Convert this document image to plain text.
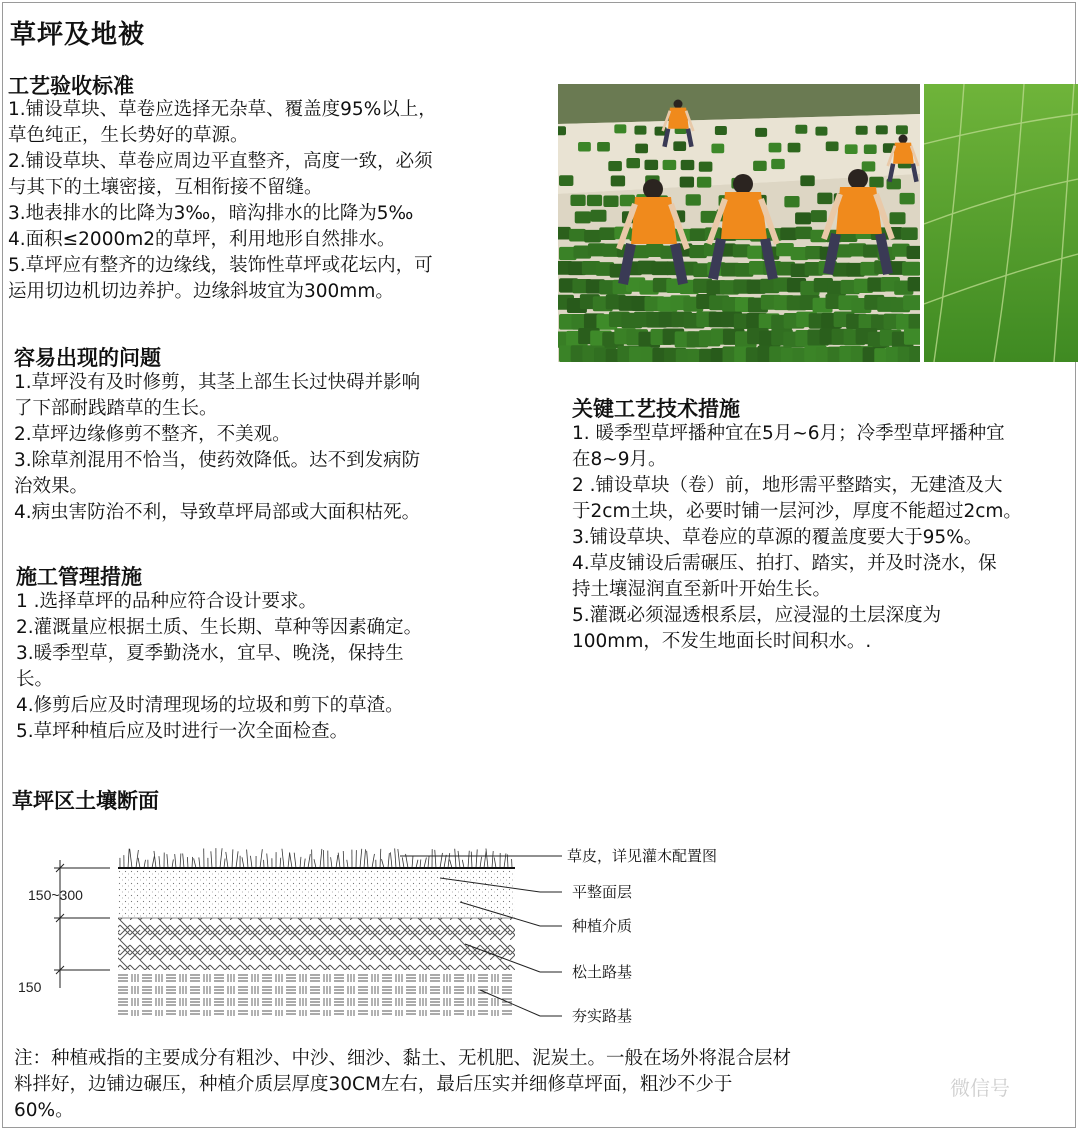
草坪及地被
工艺验收标准
1.铺设草块、草卷应选择无杂草、覆盖度95%以上，
草色纯正，生长势好的草源。
2.铺设草块、草卷应周边平直整齐，高度一致，必须
与其下的土壤密接，互相衔接不留缝。
3.地表排水的比降为3‰，暗沟排水的比降为5‰
4.面积≤2000m2的草坪，利用地形自然排水。
5.草坪应有整齐的边缘线，装饰性草坪或花坛内，可
运用切边机切边养护。边缘斜坡宜为300mm。
容易出现的问题
1.草坪没有及时修剪，其茎上部生长过快碍并影响
了下部耐践踏草的生长。
2.草坪边缘修剪不整齐，不美观。
3.除草剂混用不恰当，使药效降低。达不到发病防
治效果。
4.病虫害防治不利，导致草坪局部或大面积枯死。
施工管理措施
1 .选择草坪的品种应符合设计要求。
2.灌溉量应根据土质、生长期、草种等因素确定。
3.暖季型草，夏季勤浇水，宜早、晚浇，保持生
长。
4.修剪后应及时清理现场的垃圾和剪下的草渣。
5.草坪种植后应及时进行一次全面检查。
关键工艺技术措施
1. 暖季型草坪播种宜在5月~6月；冷季型草坪播种宜
在8~9月。
2 .铺设草块（卷）前，地形需平整踏实，无建渣及大
于2cm土块，必要时铺一层河沙，厚度不能超过2cm。
3.铺设草块、草卷应的草源的覆盖度要大于95%。
4.草皮铺设后需碾压、拍打、踏实，并及时浇水，保
持土壤湿润直至新叶开始生长。
5.灌溉必须湿透根系层，应浸湿的土层深度为
100mm，不发生地面长时间积水。.
草坪区土壤断面
150~300
150
草皮，详见灌木配置图
平整面层
种植介质
松土路基
夯实路基
注：种植戒指的主要成分有粗沙、中沙、细沙、黏土、无机肥、泥炭土。一般在场外将混合层材
料拌好，边铺边碾压，种植介质层厚度30CM左右，最后压实并细修草坪面，粗沙不少于
60%。
微信号
